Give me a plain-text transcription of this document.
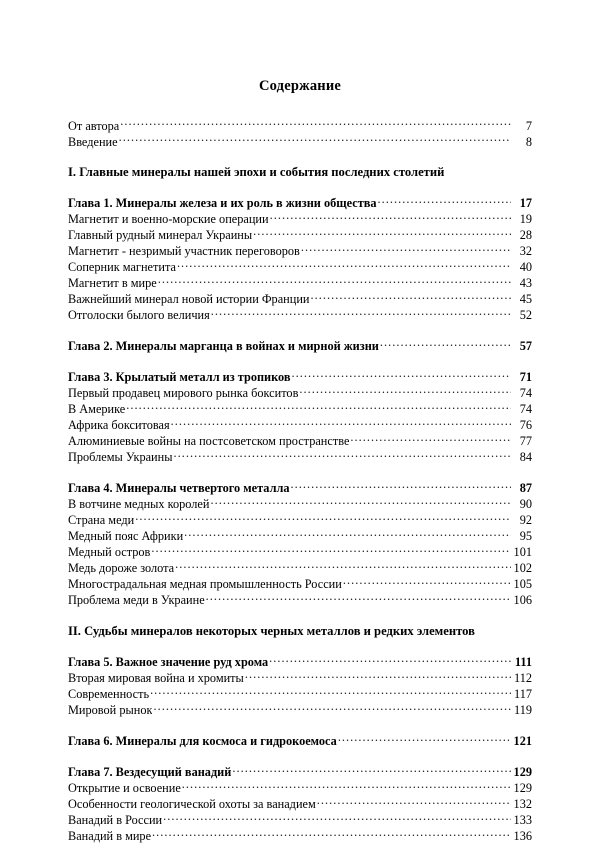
Содержание
От автора .....	7
Введение .....	8
I. Главные минералы нашей эпохи и события последних столетий
Глава 1. Минералы железа и их роль в жизни общества .....	17
Магнетит и военно-морские операции .....	19
Главный рудный минерал Украины .....	28
Магнетит - незримый участник переговоров .....	32
Соперник магнетита .....	40
Магнетит в мире .....	43
Важнейший минерал новой истории Франции .....	45
Отголоски былого величия .....	52
Глава 2. Минералы марганца в войнах и мирной жизни .....	57
Глава 3. Крылатый металл из тропиков .....	71
Первый продавец мирового рынка бокситов .....	74
В Америке .....	74
Африка бокситовая .....	76
Алюминиевые войны на постсоветском пространстве .....	77
Проблемы Украины .....	84
Глава 4. Минералы четвертого металла .....	87
В вотчине медных королей .....	90
Страна меди .....	92
Медный пояс Африки .....	95
Медный остров .....	101
Медь дороже золота .....	102
Многострадальная медная промышленность России .....	105
Проблема меди в Украине .....	106
II. Судьбы минералов некоторых черных металлов и редких элементов
Глава 5. Важное значение руд хрома .....	111
Вторая мировая война и хромиты .....	112
Современность .....	117
Мировой рынок .....	119
Глава 6. Минералы для космоса и гидрокоемоса .....	121
Глава 7. Вездесущий ванадий .....	129
Открытие и освоение .....	129
Особенности геологической охоты за ванадием .....	132
Ванадий в России .....	133
Ванадий в мире .....	136
